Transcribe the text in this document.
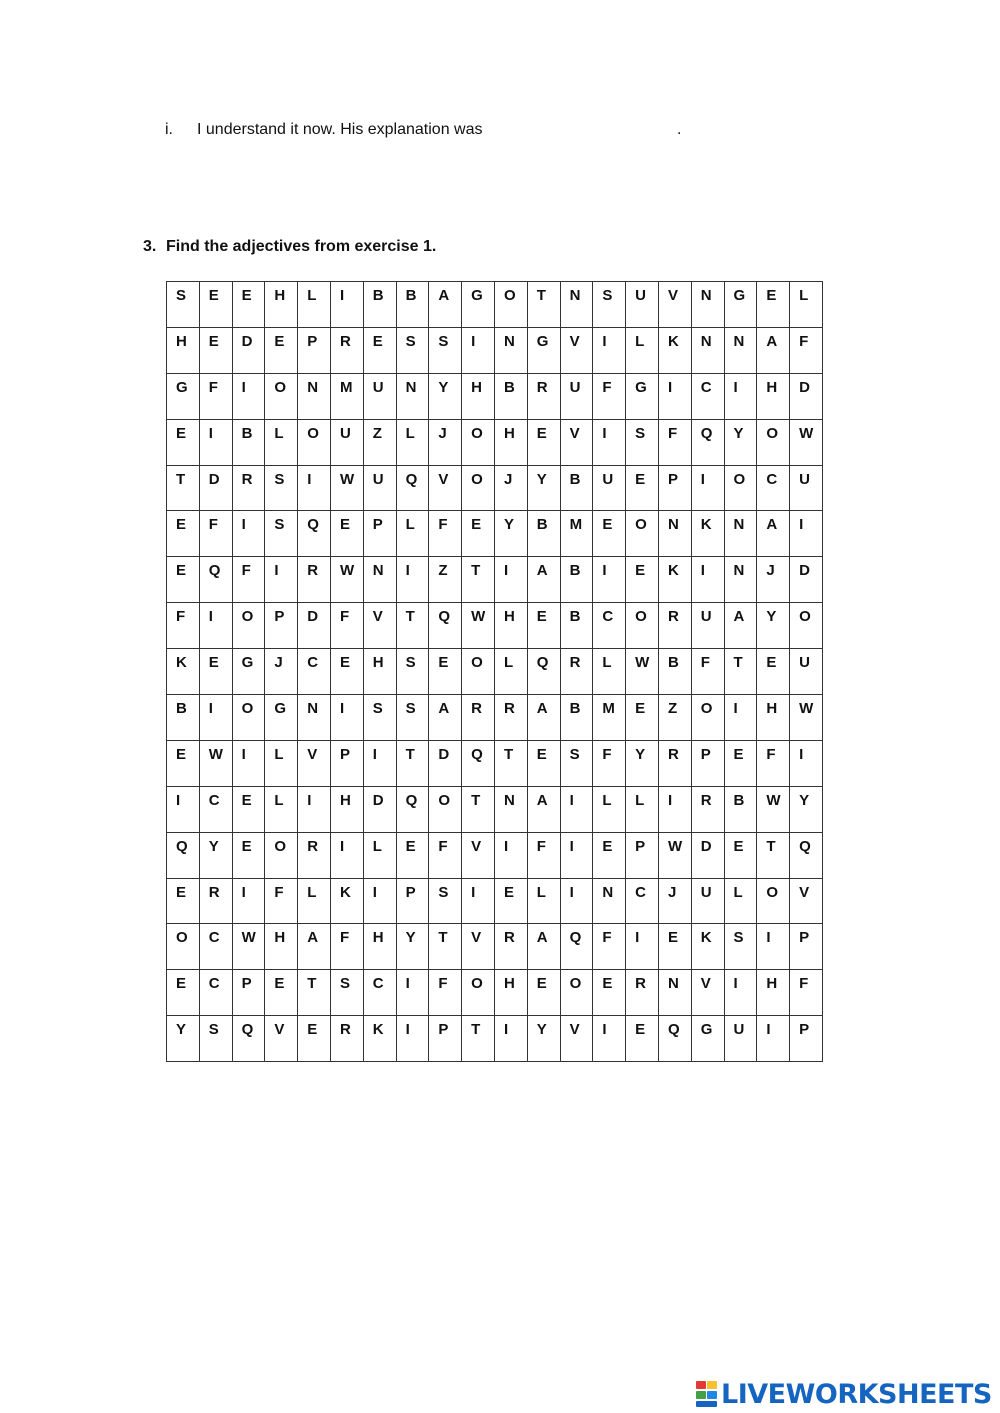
i. I understand it now. His explanation was	.
3. Find the adjectives from exercise 1.
S	E	E	H	L	I	B	B	A	G	O	T	N	S	U	V	N	G	E	L
H	E	D	E	P	R	E	S	S	I	N	G	V	I	L	K	N	N	A	F
G	F	I	O	N	M	U	N	Y	H	B	R	U	F	G	I	C	I	H	D
E	I	B	L	O	U	Z	L	J	O	H	E	V	I	S	F	Q	Y	O	W
T	D	R	S	I	W	U	Q	V	O	J	Y	B	U	E	P	I	O	C	U
E	F	I	S	Q	E	P	L	F	E	Y	B	M	E	O	N	K	N	A	I
E	Q	F	I	R	W	N	I	Z	T	I	A	B	I	E	K	I	N	J	D
F	I	O	P	D	F	V	T	Q	W	H	E	B	C	O	R	U	A	Y	O
K	E	G	J	C	E	H	S	E	O	L	Q	R	L	W	B	F	T	E	U
B	I	O	G	N	I	S	S	A	R	R	A	B	M	E	Z	O	I	H	W
E	W	I	L	V	P	I	T	D	Q	T	E	S	F	Y	R	P	E	F	I
I	C	E	L	I	H	D	Q	O	T	N	A	I	L	L	I	R	B	W	Y
Q	Y	E	O	R	I	L	E	F	V	I	F	I	E	P	W	D	E	T	Q
E	R	I	F	L	K	I	P	S	I	E	L	I	N	C	J	U	L	O	V
O	C	W	H	A	F	H	Y	T	V	R	A	Q	F	I	E	K	S	I	P
E	C	P	E	T	S	C	I	F	O	H	E	O	E	R	N	V	I	H	F
Y	S	Q	V	E	R	K	I	P	T	I	Y	V	I	E	Q	G	U	I	P
LIVEWORKSHEETS
